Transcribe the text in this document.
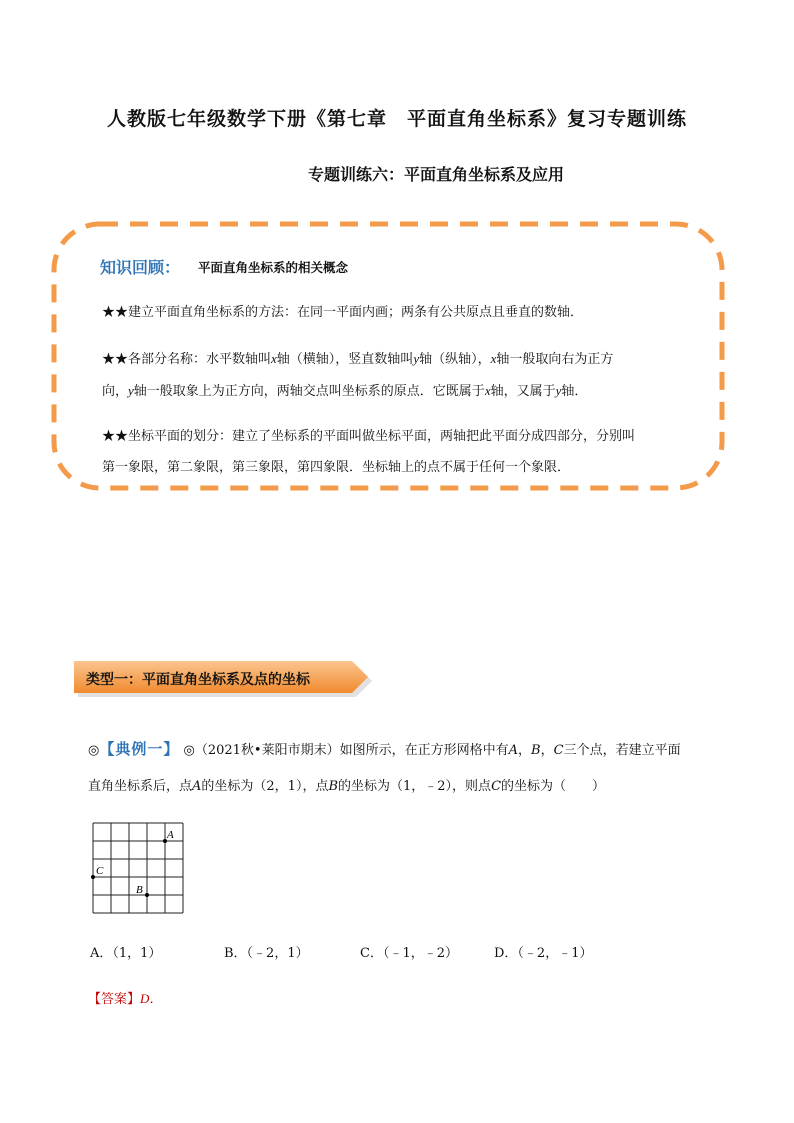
人教版七年级数学下册《第七章　平面直角坐标系》复习专题训练
专题训练六：平面直角坐标系及应用
知识回顾： 平面直角坐标系的相关概念
★★建立平面直角坐标系的方法：在同一平面内画；两条有公共原点且垂直的数轴．
★★各部分名称：水平数轴叫x轴（横轴），竖直数轴叫y轴（纵轴），x轴一般取向右为正方
向，y轴一般取象上为正方向，两轴交点叫坐标系的原点．它既属于x轴，又属于y轴．
★★坐标平面的划分：建立了坐标系的平面叫做坐标平面，两轴把此平面分成四部分，分别叫
第一象限，第二象限，第三象限，第四象限．坐标轴上的点不属于任何一个象限．
类型一：平面直角坐标系及点的坐标
◎【典例一】 ◎（2021秋•莱阳市期末）如图所示，在正方形网格中有A，B，C三个点，若建立平面
直角坐标系后，点A的坐标为（2，1），点B的坐标为（1，﹣2），则点C的坐标为（　　）
A
C
B
A．（1，1）	B．（﹣2，1）	C．（﹣1，﹣2）	D．（﹣2，﹣1）
【答案】D．
